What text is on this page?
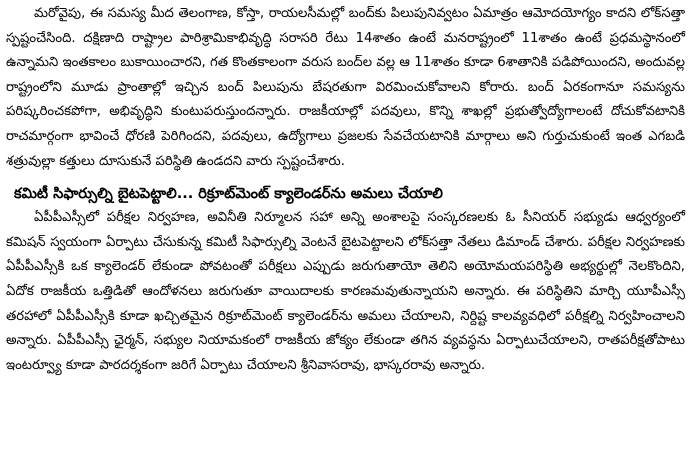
మరోవైపు, ఈ సమస్య మీద తెలంగాణ, కోస్తా, రాయలసీమల్లో బంద్‌కు పిలుపునివ్వటం ఏమాత్రం ఆమోదయోగ్యం కాదని లోక్‌సత్తా స్పష్టంచేసింది. దక్షిణాది రాష్ట్రాల పారిశ్రామికాభివృద్ధి సరాసరి రేటు 14శాతం ఉంటే మనరాష్ట్రంలో 11శాతం ఉంటే ప్రధమస్థానంలో ఉన్నామని ఇంతకాలం బుకాయించారని, గత కొంతకాలంగా వరుస బంద్‌ల వల్ల ఆ 11శాతం కూడా 6శాతానికి పడిపోయిందని, అందువల్ల రాష్ట్రంలోని మూడు ప్రాంతాల్లో ఇచ్చిన బంద్ పిలుపును బేషరతుగా విరమించుకోవాలని కోరారు. బంద్ ఏరకంగానూ సమస్యను పరిష్కరించకపోగా, అభివృద్ధిని కుంటుపరుస్తుందన్నారు. రాజకీయాల్లో పదవులు, కొన్ని శాఖల్లో ప్రభుత్వోద్యోగాలంటే దోచుకోవటానికి రాచమార్గంగా భావించే ధోరణి పెరిగిందని, పదవులు, ఉద్యోగాలు ప్రజలకు సేవచేయటానికి మార్గాలు అని గుర్తుచుకుంటే ఇంత ఎగబడి శత్రువుల్లా కత్తులు దూసుకునే పరిస్థితి ఉండదని వారు స్పష్టంచేశారు.

కమిటీ సిఫార్సుల్ని బైటపెట్టాలి... రిక్రూట్‌మెంట్ క్యాలెండర్‌ను అమలు చేయాలి

ఏపీపీఎస్సీలో పరీక్షల నిర్వహణ, అవినీతి నిర్మూలన సహా అన్ని అంశాలపై సంస్కరణలకు ఓ సీనియర్ సభ్యుడు ఆధ్వర్యంలో కమిషన్ స్వయంగా ఏర్పాటు చేసుకున్న కమిటీ సిఫార్సుల్ని వెంటనే బైటపెట్టాలని లోక్‌సత్తా నేతలు డిమాండ్ చేశారు. పరీక్షల నిర్వహణకు ఏపీపీఎస్సీకి ఒక క్యాలెండర్ లేకుండా పోవటంతో పరీక్షలు ఎప్పుడు జరుగుతాయో తెలిని అయోమయపరిస్థితి అభ్యర్థుల్లో నెలకొందిని, ఏదోక రాజకీయ ఒత్తిడితో ఆందోళనలు జరుగుతూ వాయిదాలకు కారణమవుతున్నాయని అన్నారు. ఈ పరిస్థితిని మార్చి యూపీఎస్సీ తరహాలో ఏపీపీఎస్సీకి కూడా ఖచ్చితమైన రిక్రూట్‌మెంట్ క్యాలెండర్‌ను అమలు చేయాలని, నిర్దిష్ట కాలవ్యవధిలో పరీక్షల్ని నిర్వహించాలని అన్నారు. ఏపీపీఎస్సీ ఛైర్మన్, సభ్యుల నియామకంలో రాజకీయ జోక్యం లేకుండా తగిన వ్యవస్థను ఏర్పాటుచేయాలని, రాతపరీక్షతోపాటు ఇంటర్వ్యూ కూడా పారదర్శకంగా జరిగే ఏర్పాటు చేయాలని శ్రీనివాసరావు, భాస్కరరావు అన్నారు.
